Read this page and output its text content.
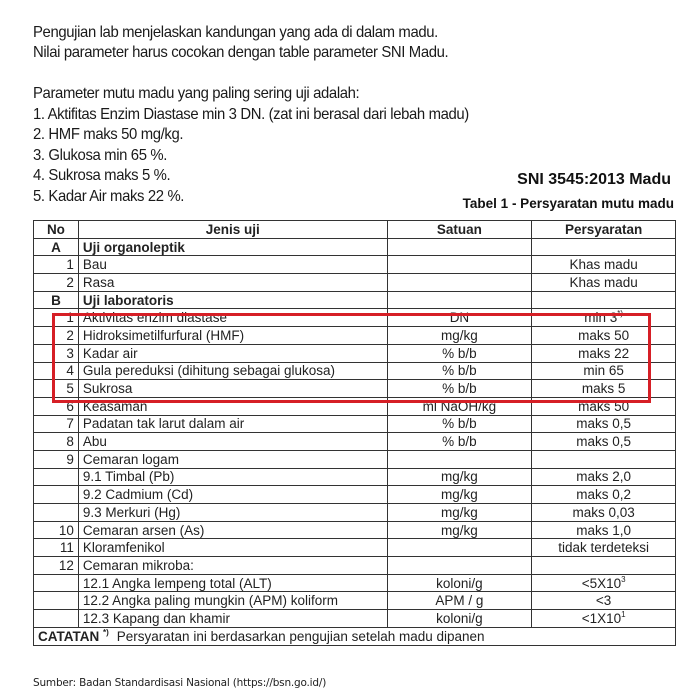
Pengujian lab menjelaskan kandungan yang ada di dalam madu.

Nilai parameter harus cocokan dengan table parameter SNI Madu.

Parameter mutu madu yang paling sering uji adalah:

1. Aktifitas Enzim Diastase min 3 DN. (zat ini berasal dari lebah madu)

2. HMF maks 50 mg/kg.

3. Glukosa min 65 %.

4. Sukrosa maks 5 %.

5. Kadar Air maks 22 %.

SNI 3545:2013 Madu
Tabel 1 - Persyaratan mutu madu
No	Jenis uji	Satuan	Persyaratan
A	Uji organoleptik		
1	Bau		Khas madu
2	Rasa		Khas madu
B	Uji laboratoris		
1	Aktivitas enzim diastase	DN	min 3*)
2	Hidroksimetilfurfural (HMF)	mg/kg	maks 50
3	Kadar air	% b/b	maks 22
4	Gula pereduksi (dihitung sebagai glukosa)	% b/b	min 65
5	Sukrosa	% b/b	maks 5
6	Keasaman	ml NaOH/kg	maks 50
7	Padatan tak larut dalam air	% b/b	maks 0,5
8	Abu	% b/b	maks 0,5
9	Cemaran logam		
	9.1 Timbal (Pb)	mg/kg	maks 2,0
	9.2 Cadmium (Cd)	mg/kg	maks 0,2
	9.3 Merkuri (Hg)	mg/kg	maks 0,03
10	Cemaran arsen (As)	mg/kg	maks 1,0
11	Kloramfenikol		tidak terdeteksi
12	Cemaran mikroba:		
	12.1 Angka lempeng total (ALT)	koloni/g	$<5X10^3$
	12.2 Angka paling mungkin (APM) koliform	APM / g	<3
	12.3 Kapang dan khamir	koloni/g	$<1X10^1$
CATATAN *) Persyaratan ini berdasarkan pengujian setelah madu dipanen			
Sumber: Badan Standardisasi Nasional (https://bsn.go.id/)
